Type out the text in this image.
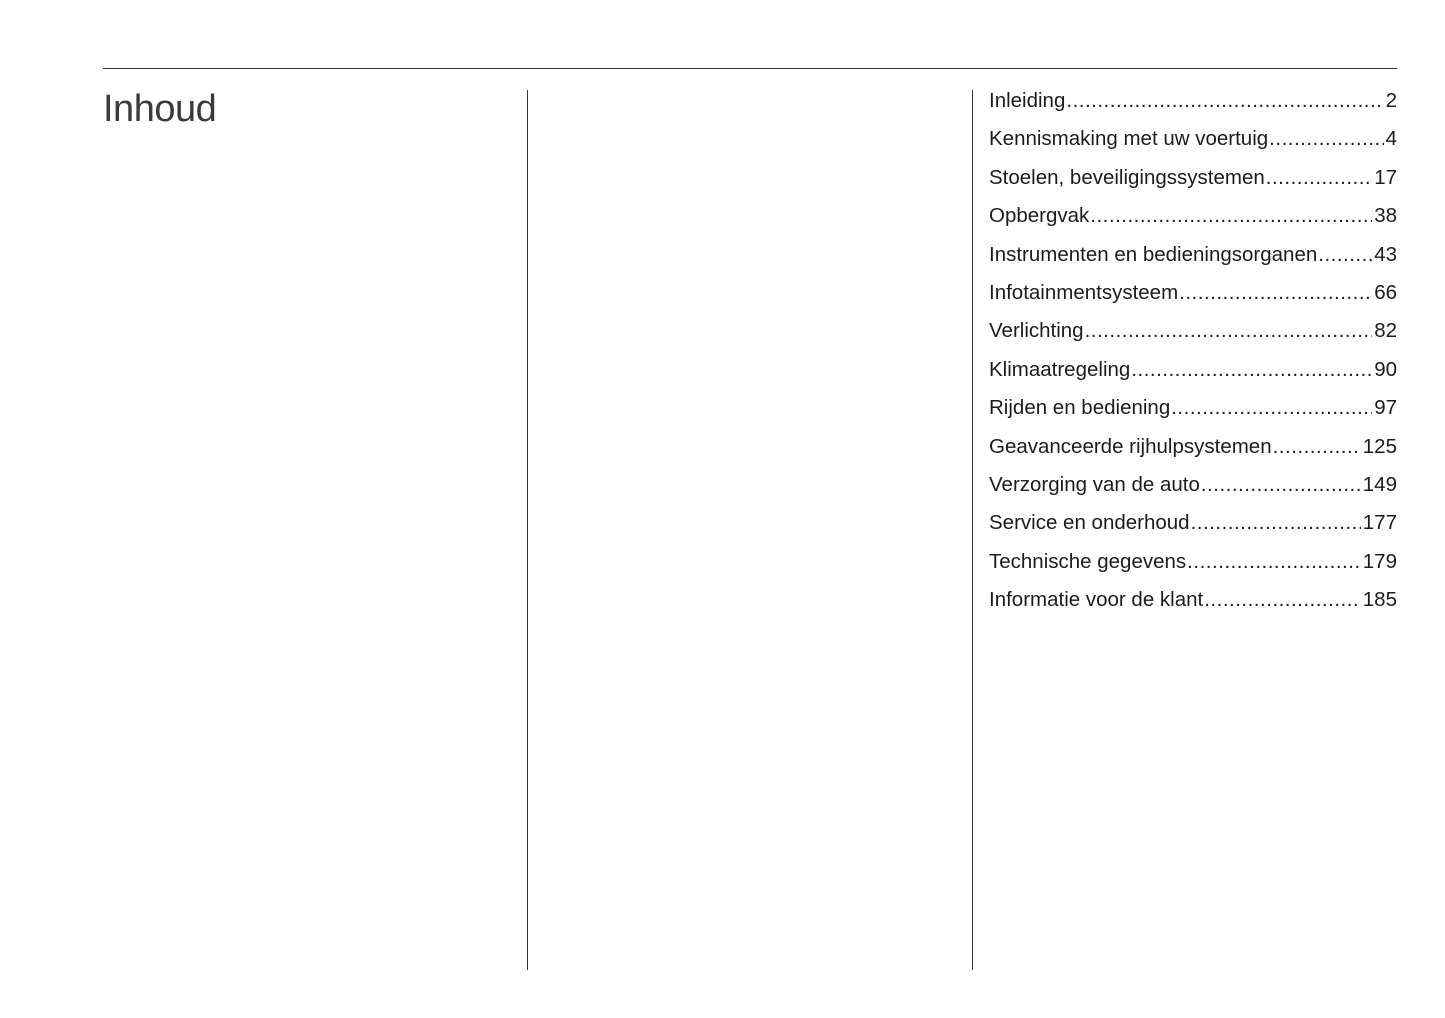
Inhoud	Inleiding .....	2
Kennismaking met uw voertuig .....	4
Stoelen, beveiligingssystemen .....	17
Opbergvak .....	38
Instrumenten en bedieningsorganen .....	43
Infotainmentsysteem .....	66
Verlichting .....	82
Klimaatregeling .....	90
Rijden en bediening .....	97
Geavanceerde rijhulpsystemen .....	125
Verzorging van de auto .....	149
Service en onderhoud .....	177
Technische gegevens .....	179
Informatie voor de klant .....	185
